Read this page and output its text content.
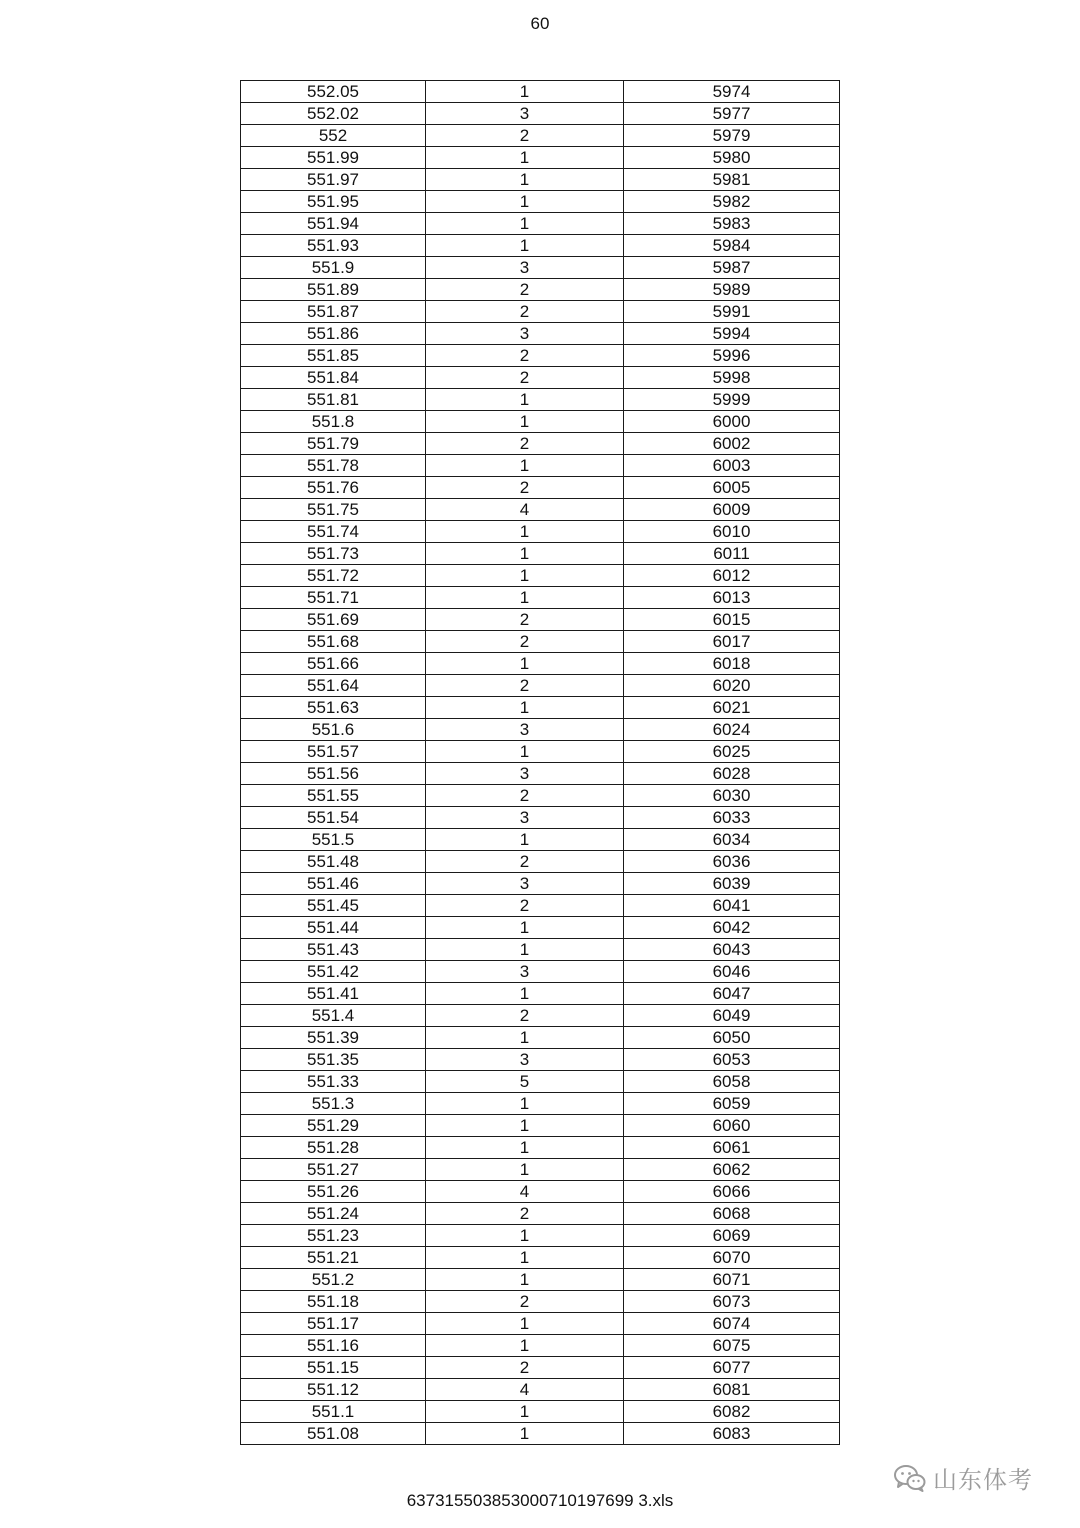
60
552.05	1	5974
552.02	3	5977
552	2	5979
551.99	1	5980
551.97	1	5981
551.95	1	5982
551.94	1	5983
551.93	1	5984
551.9	3	5987
551.89	2	5989
551.87	2	5991
551.86	3	5994
551.85	2	5996
551.84	2	5998
551.81	1	5999
551.8	1	6000
551.79	2	6002
551.78	1	6003
551.76	2	6005
551.75	4	6009
551.74	1	6010
551.73	1	6011
551.72	1	6012
551.71	1	6013
551.69	2	6015
551.68	2	6017
551.66	1	6018
551.64	2	6020
551.63	1	6021
551.6	3	6024
551.57	1	6025
551.56	3	6028
551.55	2	6030
551.54	3	6033
551.5	1	6034
551.48	2	6036
551.46	3	6039
551.45	2	6041
551.44	1	6042
551.43	1	6043
551.42	3	6046
551.41	1	6047
551.4	2	6049
551.39	1	6050
551.35	3	6053
551.33	5	6058
551.3	1	6059
551.29	1	6060
551.28	1	6061
551.27	1	6062
551.26	4	6066
551.24	2	6068
551.23	1	6069
551.21	1	6070
551.2	1	6071
551.18	2	6073
551.17	1	6074
551.16	1	6075
551.15	2	6077
551.12	4	6081
551.1	1	6082
551.08	1	6083
637315503853000710197699 3.xls
山东体考
